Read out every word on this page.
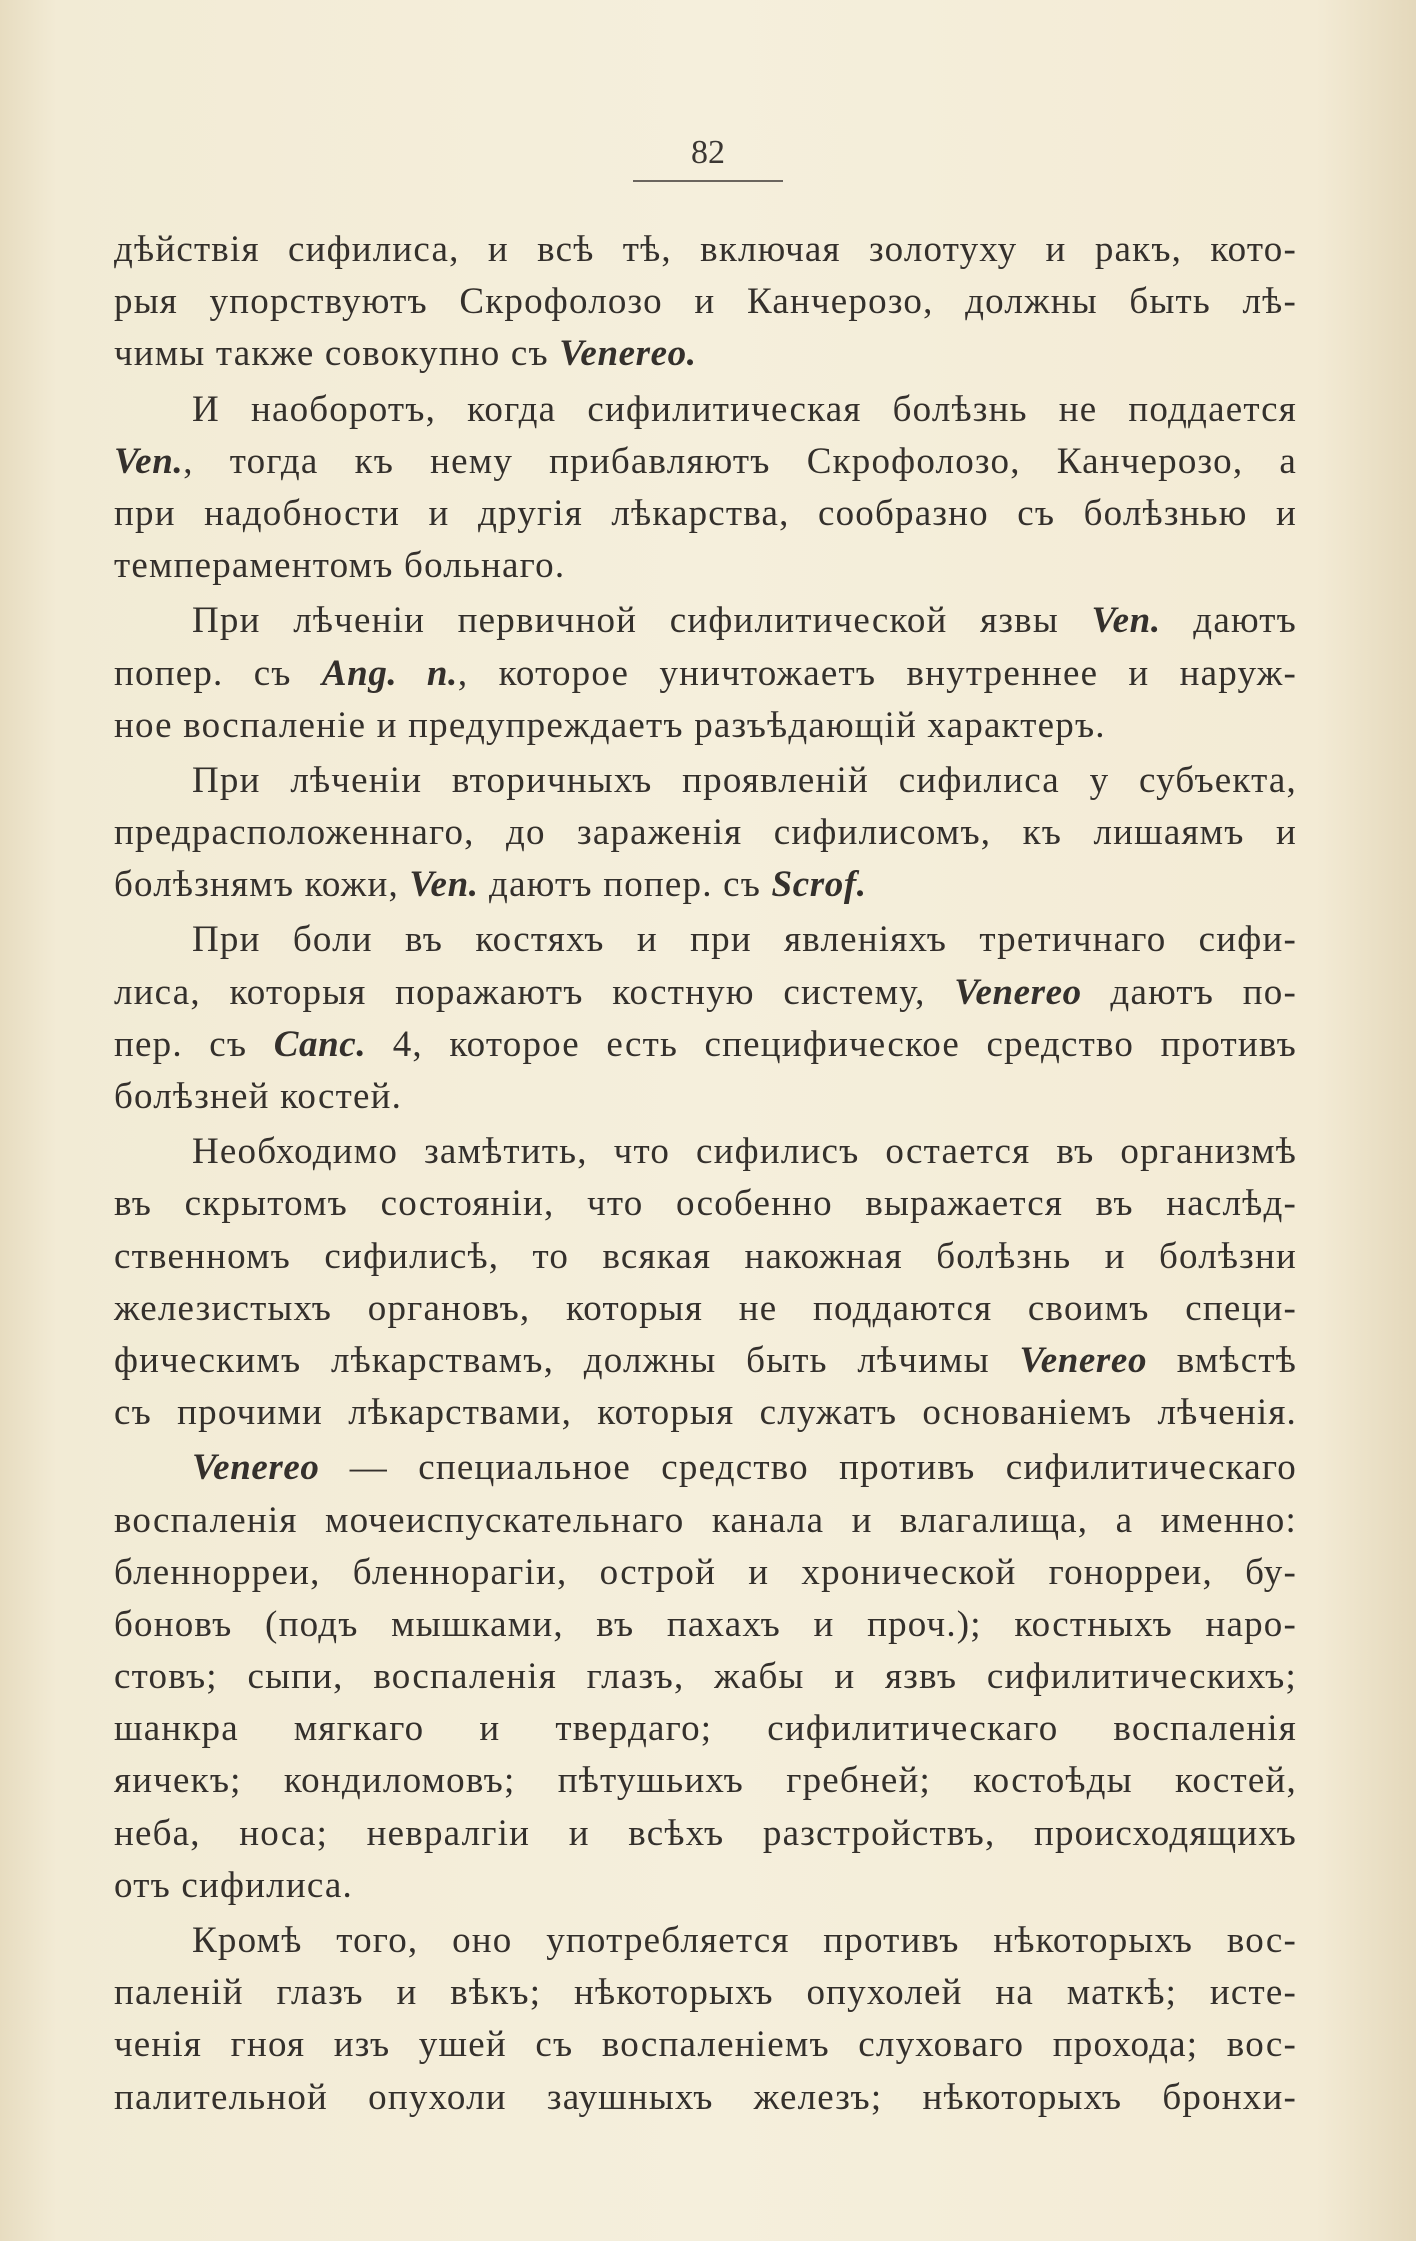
82
дѣйствія сифилиса, и всѣ тѣ, включая золотуху и ракъ, кото-
рыя упорствуютъ Скрофолозо и Канчерозо, должны быть лѣ-
чимы также совокупно съ Venereo.
И наоборотъ, когда сифилитическая болѣзнь не поддается
Ven., тогда къ нему прибавляютъ Скрофолозо, Канчерозо, а
при надобности и другія лѣкарства, сообразно съ болѣзнью и
темпераментомъ больнаго.
При лѣченіи первичной сифилитической язвы Ven. даютъ
попер. съ Ang. n., которое уничтожаетъ внутреннее и наруж-
ное воспаленіе и предупреждаетъ разъѣдающій характеръ.
При лѣченіи вторичныхъ проявленій сифилиса у субъекта,
предрасположеннаго, до зараженія сифилисомъ, къ лишаямъ и
болѣзнямъ кожи, Ven. даютъ попер. съ Scrof.
При боли въ костяхъ и при явленіяхъ третичнаго сифи-
лиса, которыя поражаютъ костную систему, Venereo даютъ по-
пер. съ Canc. 4, которое есть специфическое средство противъ
болѣзней костей.
Необходимо замѣтить, что сифилисъ остается въ организмѣ
въ скрытомъ состояніи, что особенно выражается въ наслѣд-
ственномъ сифилисѣ, то всякая накожная болѣзнь и болѣзни
железистыхъ органовъ, которыя не поддаются своимъ специ-
фическимъ лѣкарствамъ, должны быть лѣчимы Venereo вмѣстѣ
съ прочими лѣкарствами, которыя служатъ основаніемъ лѣченія.
Venereo — специальное средство противъ сифилитическаго
воспаленія мочеиспускательнаго канала и влагалища, а именно:
бленнорреи, бленнорагіи, острой и хронической гонорреи, бу-
боновъ (подъ мышками, въ пахахъ и проч.); костныхъ наро-
стовъ; сыпи, воспаленія глазъ, жабы и язвъ сифилитическихъ;
шанкра мягкаго и твердаго; сифилитическаго воспаленія
яичекъ; кондиломовъ; пѣтушьихъ гребней; костоѣды костей,
неба, носа; невралгіи и всѣхъ разстройствъ, происходящихъ
отъ сифилиса.
Кромѣ того, оно употребляется противъ нѣкоторыхъ вос-
паленій глазъ и вѣкъ; нѣкоторыхъ опухолей на маткѣ; исте-
ченія гноя изъ ушей съ воспаленіемъ слуховаго прохода; вос-
палительной опухоли заушныхъ железъ; нѣкоторыхъ бронхи-
